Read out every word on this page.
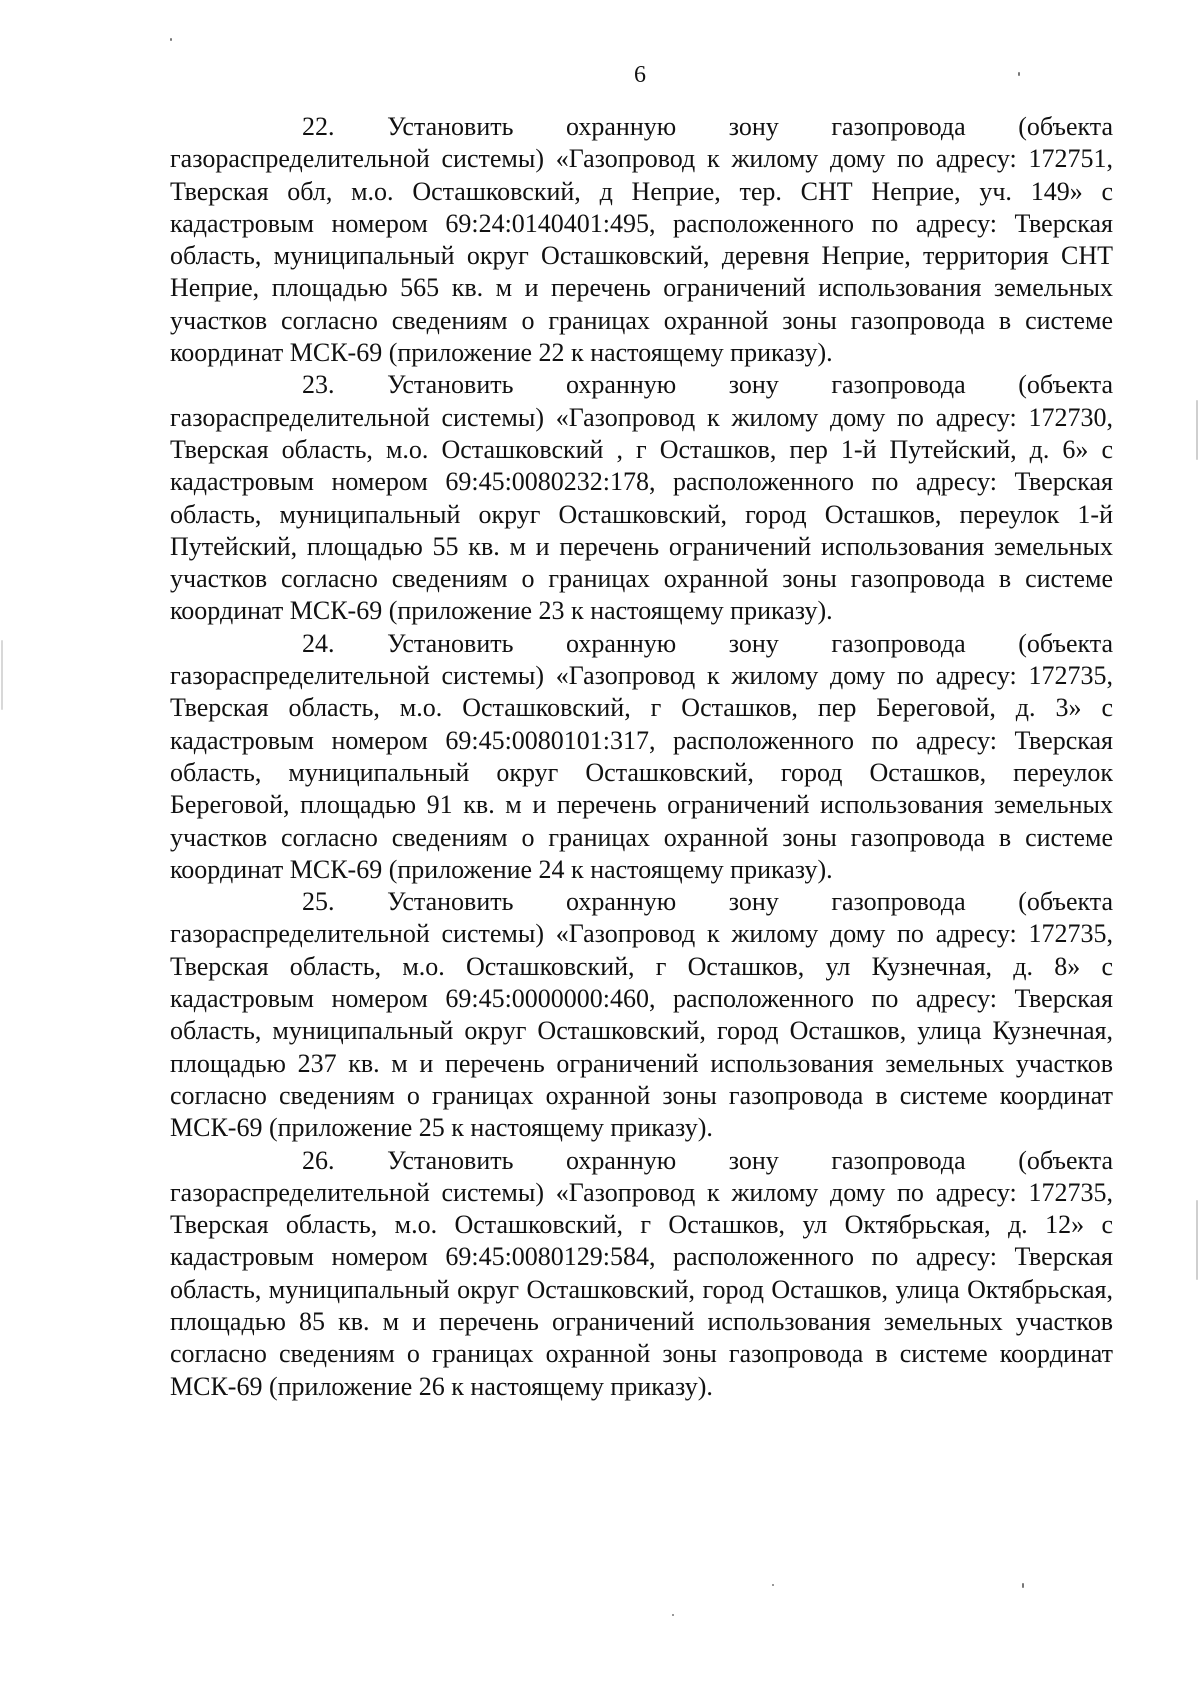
6

22. Установить охранную зону газопровода (объекта газораспределительной системы) «Газопровод к жилому дому по адресу: 172751, Тверская обл, м.о. Осташковский, д Неприе, тер. СНТ Неприе, уч. 149» с кадастровым номером 69:24:0140401:495, расположенного по адресу: Тверская область, муниципальный округ Осташковский, деревня Неприе, территория СНТ Неприе, площадью 565 кв. м и перечень ограничений использования земельных участков согласно сведениям о границах охранной зоны газопровода в системе координат МСК-69 (приложение 22 к настоящему приказу).

23. Установить охранную зону газопровода (объекта газораспределительной системы) «Газопровод к жилому дому по адресу: 172730, Тверская область, м.о. Осташковский , г Осташков, пер 1-й Путейский, д. 6» с кадастровым номером 69:45:0080232:178, расположенного по адресу: Тверская область, муниципальный округ Осташковский, город Осташков, переулок 1-й Путейский, площадью 55 кв. м и перечень ограничений использования земельных участков согласно сведениям о границах охранной зоны газопровода в системе координат МСК-69 (приложение 23 к настоящему приказу).

24. Установить охранную зону газопровода (объекта газораспределительной системы) «Газопровод к жилому дому по адресу: 172735, Тверская область, м.о. Осташковский, г Осташков, пер Береговой, д. 3» с кадастровым номером 69:45:0080101:317, расположенного по адресу: Тверская область, муниципальный округ Осташковский, город Осташков, переулок Береговой, площадью 91 кв. м и перечень ограничений использования земельных участков согласно сведениям о границах охранной зоны газопровода в системе координат МСК-69 (приложение 24 к настоящему приказу).

25. Установить охранную зону газопровода (объекта газораспределительной системы) «Газопровод к жилому дому по адресу: 172735, Тверская область, м.о. Осташковский, г Осташков, ул Кузнечная, д. 8» с кадастровым номером 69:45:0000000:460, расположенного по адресу: Тверская область, муниципальный округ Осташковский, город Осташков, улица Кузнечная, площадью 237 кв. м и перечень ограничений использования земельных участков согласно сведениям о границах охранной зоны газопровода в системе координат МСК-69 (приложение 25 к настоящему приказу).

26. Установить охранную зону газопровода (объекта газораспределительной системы) «Газопровод к жилому дому по адресу: 172735, Тверская область, м.о. Осташковский, г Осташков, ул Октябрьская, д. 12» с кадастровым номером 69:45:0080129:584, расположенного по адресу: Тверская область, муниципальный округ Осташковский, город Осташков, улица Октябрьская, площадью 85 кв. м и перечень ограничений использования земельных участков согласно сведениям о границах охранной зоны газопровода в системе координат МСК-69 (приложение 26 к настоящему приказу).
